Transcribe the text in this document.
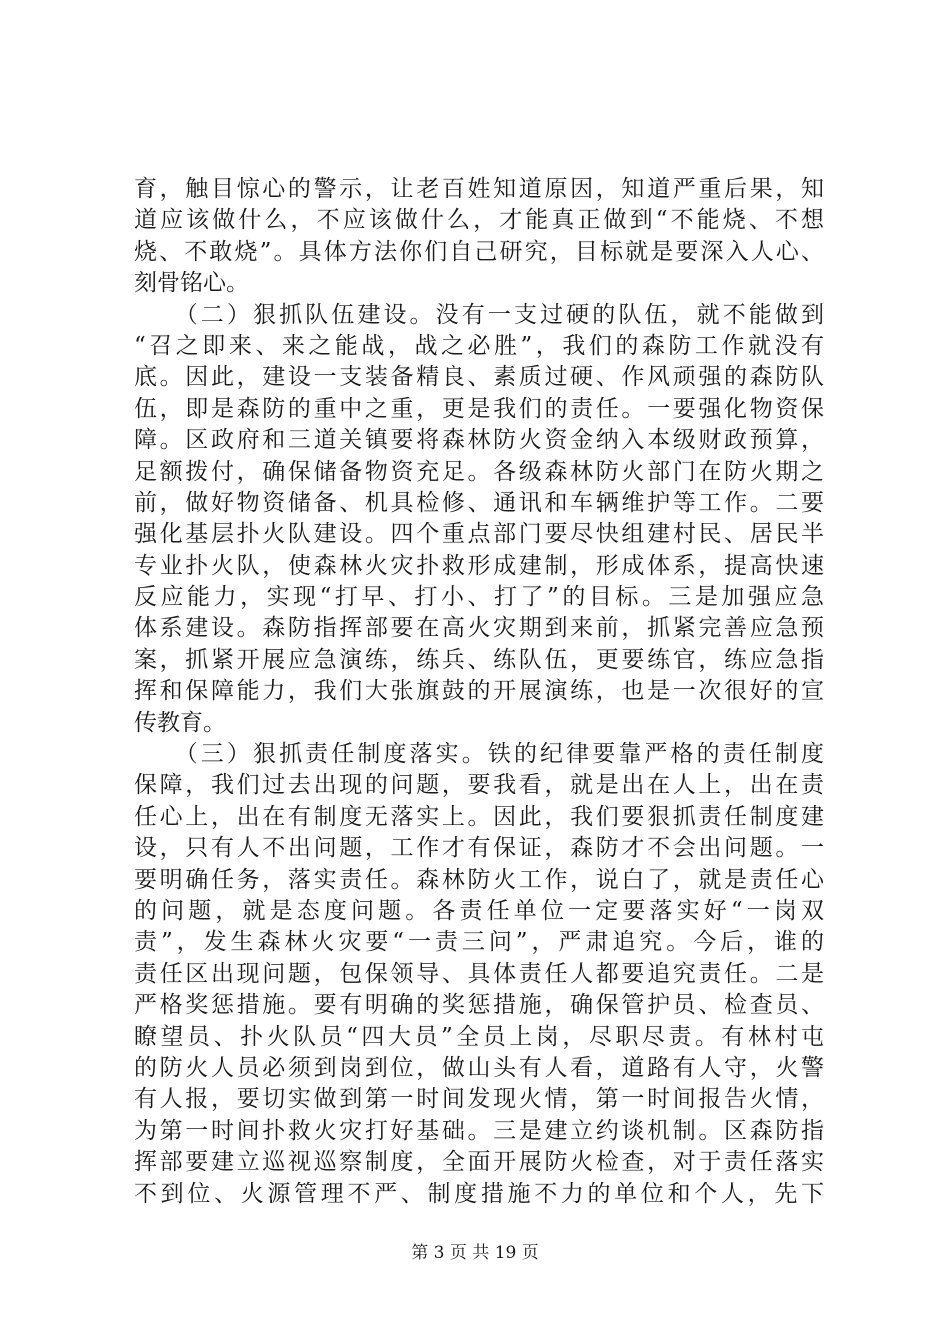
育，触目惊心的警示，让老百姓知道原因，知道严重后果，知
道应该做什么，不应该做什么，才能真正做到“不能烧、不想
烧、不敢烧”。具体方法你们自己研究，目标就是要深入人心、
刻骨铭心。
　　（二）狠抓队伍建设。没有一支过硬的队伍，就不能做到
“召之即来、来之能战，战之必胜”，我们的森防工作就没有
底。因此，建设一支装备精良、素质过硬、作风顽强的森防队
伍，即是森防的重中之重，更是我们的责任。一要强化物资保
障。区政府和三道关镇要将森林防火资金纳入本级财政预算，
足额拨付，确保储备物资充足。各级森林防火部门在防火期之
前，做好物资储备、机具检修、通讯和车辆维护等工作。二要
强化基层扑火队建设。四个重点部门要尽快组建村民、居民半
专业扑火队，使森林火灾扑救形成建制，形成体系，提高快速
反应能力，实现“打早、打小、打了”的目标。三是加强应急
体系建设。森防指挥部要在高火灾期到来前，抓紧完善应急预
案，抓紧开展应急演练，练兵、练队伍，更要练官，练应急指
挥和保障能力，我们大张旗鼓的开展演练，也是一次很好的宣
传教育。
　　（三）狠抓责任制度落实。铁的纪律要靠严格的责任制度
保障，我们过去出现的问题，要我看，就是出在人上，出在责
任心上，出在有制度无落实上。因此，我们要狠抓责任制度建
设，只有人不出问题，工作才有保证，森防才不会出问题。一
要明确任务，落实责任。森林防火工作，说白了，就是责任心
的问题，就是态度问题。各责任单位一定要落实好“一岗双
责”，发生森林火灾要“一责三问”，严肃追究。今后，谁的
责任区出现问题，包保领导、具体责任人都要追究责任。二是
严格奖惩措施。要有明确的奖惩措施，确保管护员、检查员、
瞭望员、扑火队员“四大员”全员上岗，尽职尽责。有林村屯
的防火人员必须到岗到位，做山头有人看，道路有人守，火警
有人报，要切实做到第一时间发现火情，第一时间报告火情，
为第一时间扑救火灾打好基础。三是建立约谈机制。区森防指
挥部要建立巡视巡察制度，全面开展防火检查，对于责任落实
不到位、火源管理不严、制度措施不力的单位和个人，先下
第 3 页 共 19 页
